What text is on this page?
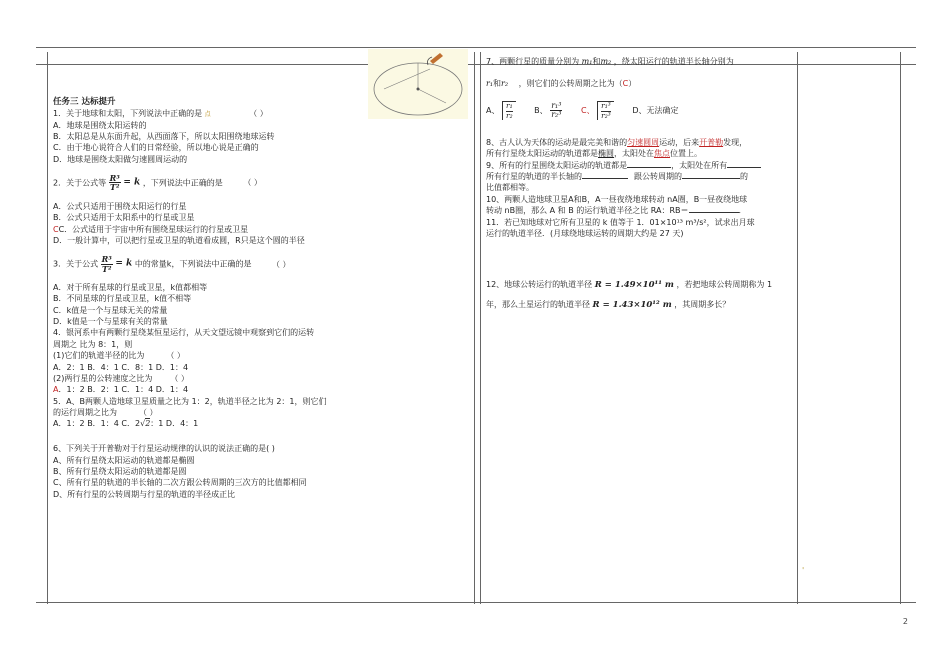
任务三 达标提升
1．关于地球和太阳，下列说法中正确的是 点	（ ）
A．地球是围绕太阳运转的
B．太阳总是从东面升起，从西面落下，所以太阳围绕地球运转
C．由于地心说符合人们的日常经验，所以地心说是正确的
D．地球是围绕太阳做匀速圆周运动的
2．关于公式等 $\frac{\text{R³}}{\text{T²}} = k$ ，下列说法中正确的是	（ ）
A．公式只适用于围绕太阳运行的行星
B．公式只适用于太阳系中的行星或卫星
CC．公式适用于宇宙中所有围绕星球运行的行星或卫星
D．一般计算中，可以把行星或卫星的轨道看成圆，R只是这个圆的半径
3．关于公式 $\frac{\text{R³}}{\text{T²}} = k$ 中的常量k，下列说法中正确的是	（ ）
A．对于所有星球的行星或卫星，k值都相等
B．不同星球的行星或卫星，k值不相等
C．k值是一个与星球无关的常量
D．k值是一个与星球有关的常量
4．银河系中有两颗行星绕某恒星运行，从天文望远镜中观察到它们的运转
周期之 比为 8：1，则
(1)它们的轨道半径的比为	（ ）
A．2：1 B．4：1 C．8：1 D．1：4
(2)两行星的公转速度之比为 （ ）
A．1：2 B．2：1 C．1：4 D．1：4
5．A、B两颗人造地球卫星质量之比为 1：2，轨道半径之比为 2：1，则它们
的运行周期之比为	（ ）
A．1：2 B．1：4 C．2√2：1 D．4：1
6、下列关于开普勒对于行星运动规律的认识的说法正确的是( )
A、所有行星绕太阳运动的轨道都是椭圆
B、所有行星绕太阳运动的轨道都是圆
C、所有行星的轨道的半长轴的二次方跟公转周期的三次方的比值都相同
D、所有行星的公转周期与行星的轨道的半径成正比
7、两颗行星的质量分别为 m₁和m₂ ，绕太阳运行的轨道半长轴分别为
r₁和r₂ ，则它们的公转周期之比为（C）
A、 $\frac{\text{r₁}}{\text{r₂}}$ B、 $\frac{\text{r₁³}}{\text{r₂³}}$ C、 $\frac{\text{r₁³}}{\text{r₂³}}$ D、无法确定
8、古人认为天体的运动是最完美和谐的匀速圆周运动，后来开普勒发现，
所有行星绕太阳运动的轨道都是椭圆，太阳处在焦点位置上。
9、所有的行星围绕太阳运动的轨道都是	，太阳处在所有
所有行星的轨道的半长轴的	跟公转周期的	的
比值都相等。
10、两颗人造地球卫星A和B，A一昼夜绕地球转动 nA圈，B一昼夜绕地球
转动 nB圈，那么 A 和 B 的运行轨道半径之比 RA：RB＝	．
11．若已知地球对它所有卫星的 k 值等于 1．01×10¹³ m³/s²，试求出月球
运行的轨道半径．(月球绕地球运转的周期大约是 27 天)
12、地球公转运行的轨道半径 R = 1.49×10¹¹ m ，若把地球公转周期称为 1
年，那么土星运行的轨道半径 R = 1.43×10¹² m ，其周期多长？
'
2
